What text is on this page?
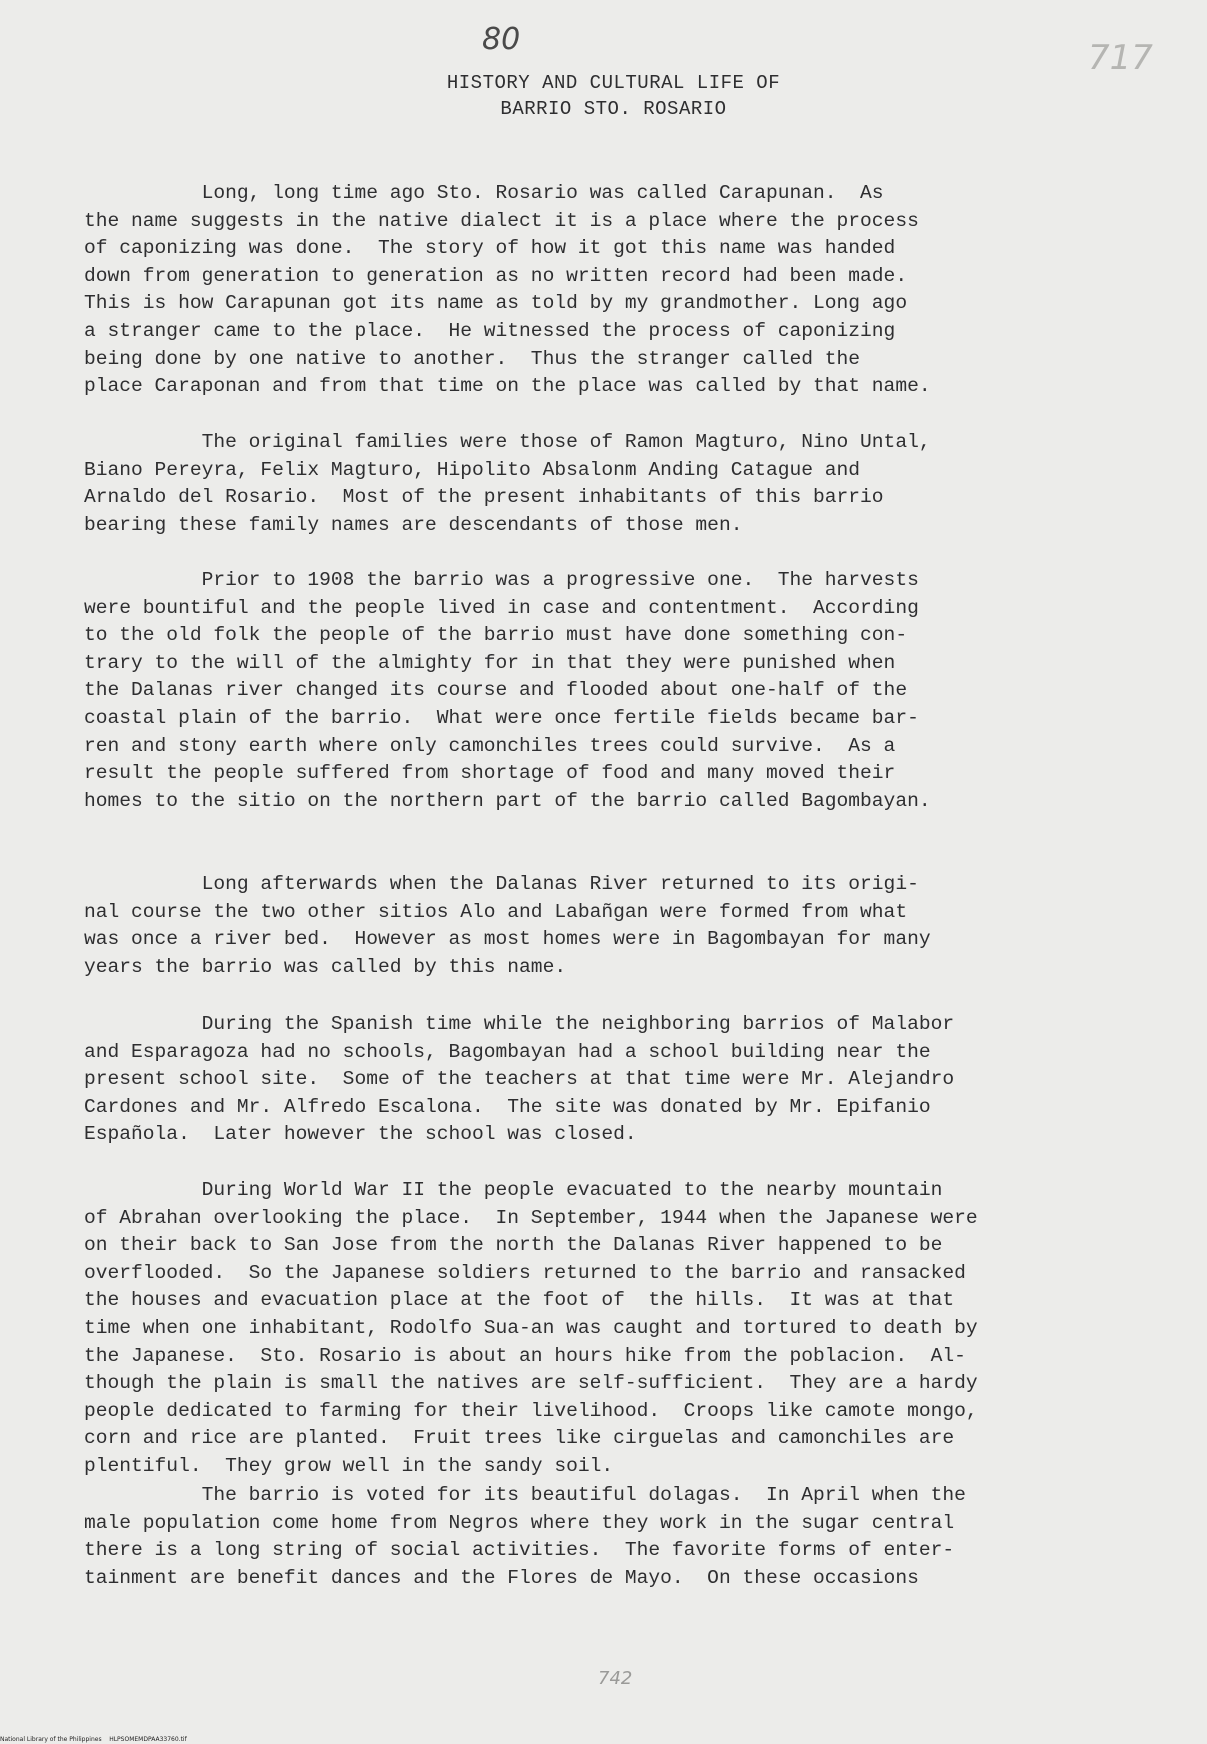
80	717
HISTORY AND CULTURAL LIFE OF
BARRIO STO. ROSARIO

Long, long time ago Sto. Rosario was called Carapunan.  As
the name suggests in the native dialect it is a place where the process
of caponizing was done.  The story of how it got this name was handed
down from generation to generation as no written record had been made.
This is how Carapunan got its name as told by my grandmother. Long ago
a stranger came to the place.  He witnessed the process of caponizing
being done by one native to another.  Thus the stranger called the
place Caraponan and from that time on the place was called by that name.

The original families were those of Ramon Magturo, Nino Untal,
Biano Pereyra, Felix Magturo, Hipolito Absalonm Anding Catague and
Arnaldo del Rosario.  Most of the present inhabitants of this barrio
bearing these family names are descendants of those men.

Prior to 1908 the barrio was a progressive one.  The harvests
were bountiful and the people lived in case and contentment.  According
to the old folk the people of the barrio must have done something con-
trary to the will of the almighty for in that they were punished when
the Dalanas river changed its course and flooded about one-half of the
coastal plain of the barrio.  What were once fertile fields became bar-
ren and stony earth where only camonchiles trees could survive.  As a
result the people suffered from shortage of food and many moved their
homes to the sitio on the northern part of the barrio called Bagombayan.

Long afterwards when the Dalanas River returned to its origi-
nal course the two other sitios Alo and Labañgan were formed from what
was once a river bed.  However as most homes were in Bagombayan for many
years the barrio was called by this name.

During the Spanish time while the neighboring barrios of Malabor
and Esparagoza had no schools, Bagombayan had a school building near the
present school site.  Some of the teachers at that time were Mr. Alejandro
Cardones and Mr. Alfredo Escalona.  The site was donated by Mr. Epifanio
Española.  Later however the school was closed.

During World War II the people evacuated to the nearby mountain
of Abrahan overlooking the place.  In September, 1944 when the Japanese were
on their back to San Jose from the north the Dalanas River happened to be
overflooded.  So the Japanese soldiers returned to the barrio and ransacked
the houses and evacuation place at the foot of  the hills.  It was at that
time when one inhabitant, Rodolfo Sua-an was caught and tortured to death by
the Japanese.  Sto. Rosario is about an hours hike from the poblacion.  Al-
though the plain is small the natives are self-sufficient.  They are a hardy
people dedicated to farming for their livelihood.  Croops like camote mongo,
corn and rice are planted.  Fruit trees like cirguelas and camonchiles are
plentiful.  They grow well in the sandy soil.

The barrio is voted for its beautiful dolagas.  In April when the
male population come home from Negros where they work in the sugar central
there is a long string of social activities.  The favorite forms of enter-
tainment are benefit dances and the Flores de Mayo.  On these occasions

742
National Library of the Philippines    HLPSOMEMDPAA33760.tif
